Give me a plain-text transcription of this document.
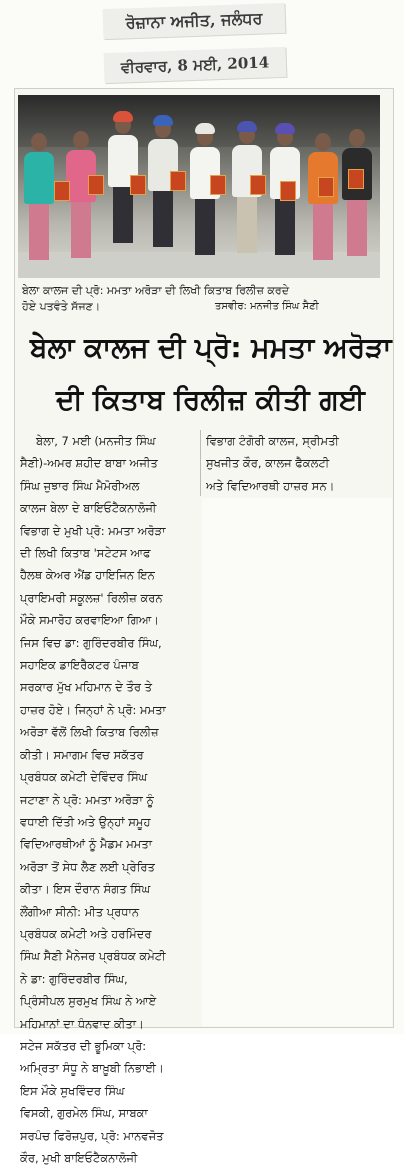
ਰੋਜ਼ਾਨਾ ਅਜੀਤ, ਜਲੰਧਰ
ਵੀਰਵਾਰ, 8 ਮਈ, 2014
ਬੇਲਾ ਕਾਲਜ ਦੀ ਪ੍ਰੋ: ਮਮਤਾ ਅਰੋੜਾ ਦੀ ਲਿਖੀ ਕਿਤਾਬ ਰਿਲੀਜ਼ ਕਰਦੇ
ਹੋਏ ਪਤਵੰਤੇ ਸੱਜਣ।	ਤਸਵੀਰ: ਮਨਜੀਤ ਸਿੰਘ ਸੈਣੀ
ਬੇਲਾ ਕਾਲਜ ਦੀ ਪ੍ਰੋ: ਮਮਤਾ ਅਰੋੜਾ
ਦੀ ਕਿਤਾਬ ਰਿਲੀਜ਼ ਕੀਤੀ ਗਈ

ਬੇਲਾ, 7 ਮਈ (ਮਨਜੀਤ ਸਿੰਘ

ਸੈਣੀ)-ਅਮਰ ਸ਼ਹੀਦ ਬਾਬਾ ਅਜੀਤ

ਸਿੰਘ ਜੁਝਾਰ ਸਿੰਘ ਮੈਮੋਰੀਅਲ

ਕਾਲਜ ਬੇਲਾ ਦੇ ਬਾਇਓਟੈਕਨਾਲੋਜੀ

ਵਿਭਾਗ ਦੇ ਮੁਖੀ ਪ੍ਰੋ: ਮਮਤਾ ਅਰੋੜਾ

ਦੀ ਲਿਖੀ ਕਿਤਾਬ 'ਸਟੇਟਸ ਆਫ

ਹੈਲਥ ਕੇਅਰ ਐਂਡ ਹਾਇਜਿਨ ਇਨ

ਪ੍ਰਾਇਮਰੀ ਸਕੂਲਜ਼' ਰਿਲੀਜ਼ ਕਰਨ

ਮੌਕੇ ਸਮਾਰੋਹ ਕਰਵਾਇਆ ਗਿਆ।

ਜਿਸ ਵਿਚ ਡਾ: ਗੁਰਿੰਦਰਬੀਰ ਸਿੰਘ,

ਸਹਾਇਕ ਡਾਇਰੈਕਟਰ ਪੰਜਾਬ

ਸਰਕਾਰ ਮੁੱਖ ਮਹਿਮਾਨ ਦੇ ਤੌਰ ਤੇ

ਹਾਜ਼ਰ ਹੋਏ। ਜਿਨ੍ਹਾਂ ਨੇ ਪ੍ਰੋ: ਮਮਤਾ

ਅਰੋੜਾ ਵੱਲੋਂ ਲਿਖੀ ਕਿਤਾਬ ਰਿਲੀਜ਼

ਕੀਤੀ। ਸਮਾਗਮ ਵਿਚ ਸਕੱਤਰ

ਪ੍ਰਬੰਧਕ ਕਮੇਟੀ ਦੇਵਿੰਦਰ ਸਿੰਘ

ਜਟਾਣਾ ਨੇ ਪ੍ਰੋ: ਮਮਤਾ ਅਰੋੜਾ ਨੂੰ

ਵਧਾਈ ਦਿੱਤੀ ਅਤੇ ਉਨ੍ਹਾਂ ਸਮੂਹ

ਵਿਦਿਆਰਥੀਆਂ ਨੂੰ ਮੈਡਮ ਮਮਤਾ

ਅਰੋੜਾ ਤੋਂ ਸੇਧ ਲੈਣ ਲਈ ਪ੍ਰੇਰਿਤ

ਕੀਤਾ। ਇਸ ਦੌਰਾਨ ਸੰਗਤ ਸਿੰਘ

ਲੌਂਗੀਆ ਸੀਨੀ: ਮੀਤ ਪ੍ਰਧਾਨ

ਪ੍ਰਬੰਧਕ ਕਮੇਟੀ ਅਤੇ ਹਰਮਿੰਦਰ

ਸਿੰਘ ਸੈਣੀ ਮੈਨੇਜਰ ਪ੍ਰਬੰਧਕ ਕਮੇਟੀ

ਨੇ ਡਾ: ਗੁਰਿੰਦਰਬੀਰ ਸਿੰਘ,

ਪ੍ਰਿੰਸੀਪਲ ਸੁਰਮੁਖ ਸਿੰਘ ਨੇ ਆਏ

ਮਹਿਮਾਨਾਂ ਦਾ ਧੰਨਵਾਦ ਕੀਤਾ।

ਸਟੇਜ ਸਕੱਤਰ ਦੀ ਭੂਮਿਕਾ ਪ੍ਰੋ:

ਅਮ੍ਰਿਤਾ ਸੰਧੂ ਨੇ ਬਾਖ਼ੂਬੀ ਨਿਭਾਈ।

ਇਸ ਮੌਕੇ ਸੁਖਵਿੰਦਰ ਸਿੰਘ

ਵਿਸਕੀ, ਗੁਰਮੇਲ ਸਿੰਘ, ਸਾਬਕਾ

ਸਰਪੰਚ ਫਿਰੋਜ਼ਪੁਰ, ਪ੍ਰੋ: ਮਾਨਵਜੋਤ

ਕੌਰ, ਮੁਖੀ ਬਾਇਓਟੈਕਨਾਲੋਜੀ

ਵਿਭਾਗ ਟੰਗੋਰੀ ਕਾਲਜ, ਸ੍ਰੀਮਤੀ

ਸੁਖਜੀਤ ਕੌਰ, ਕਾਲਜ ਫੈਕਲਟੀ

ਅਤੇ ਵਿਦਿਆਰਥੀ ਹਾਜ਼ਰ ਸਨ।
